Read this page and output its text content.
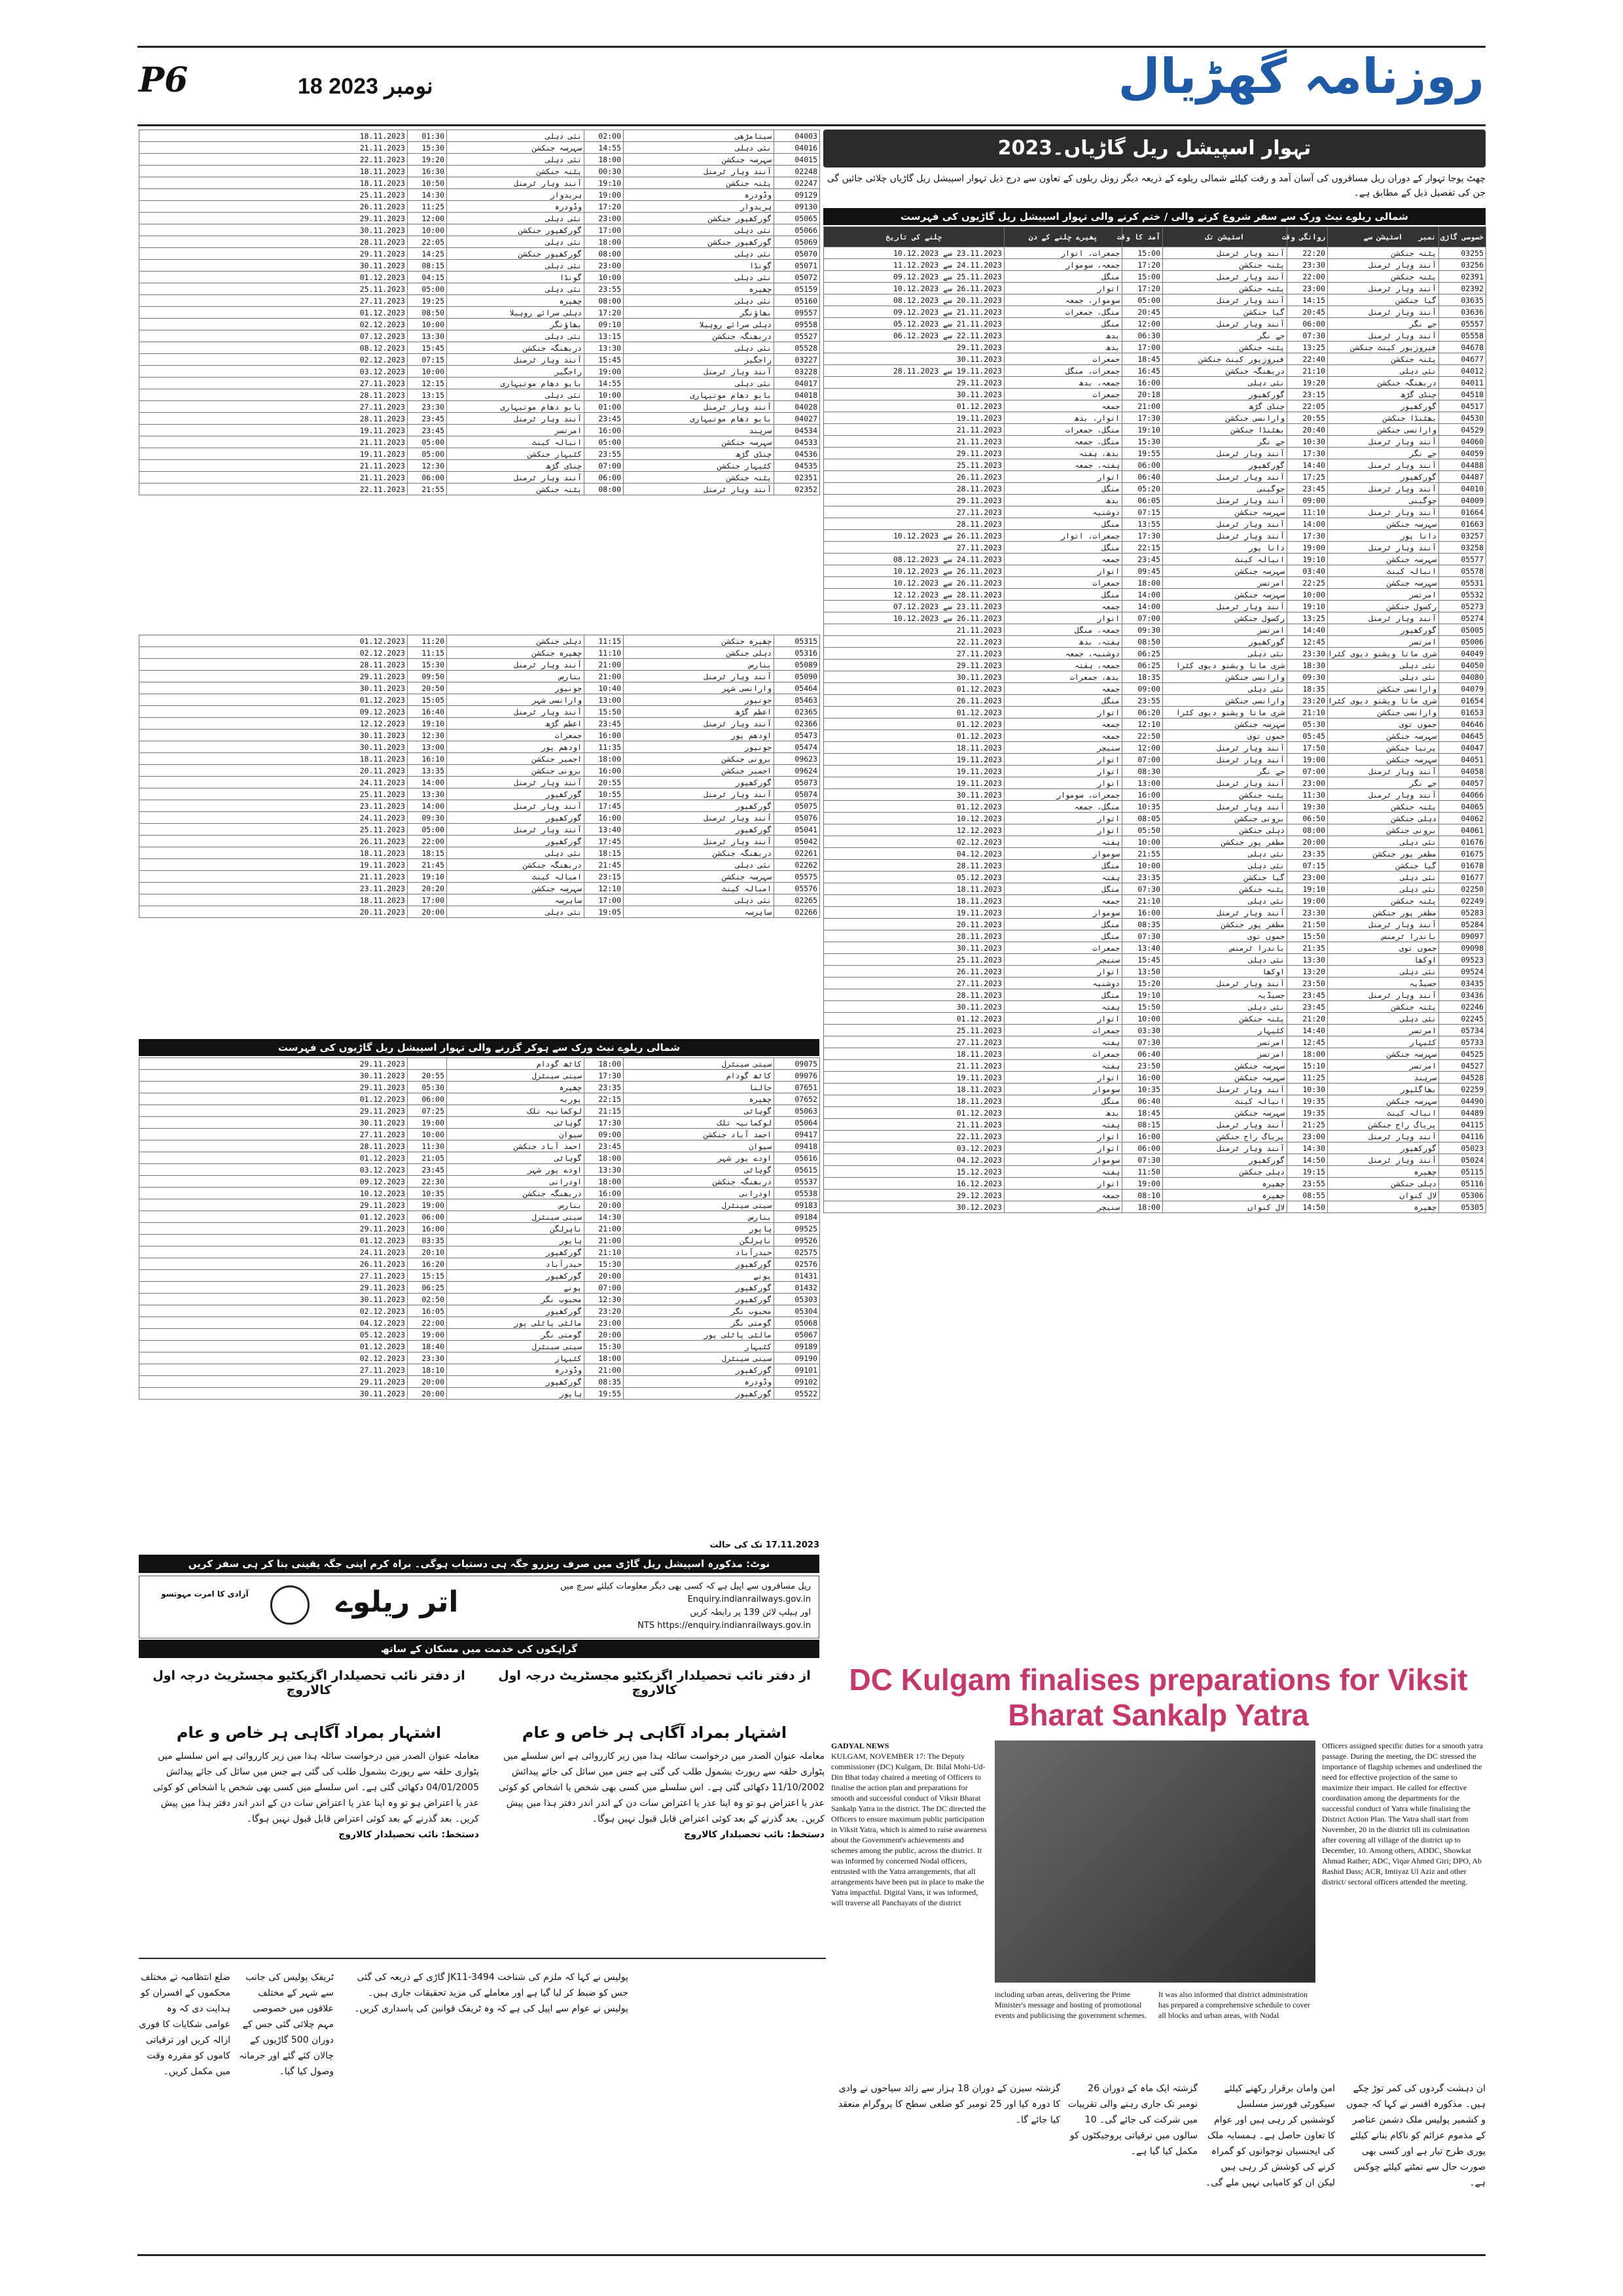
P6	18 نومبر 2023	روزنامہ گھڑیال
تہوار اسپیشل ریل گاڑیاں۔2023
چھٹ پوجا تہوار کے دوران ریل مسافروں کی آسان آمد و رفت کیلئے شمالی ریلوے کے ذریعہ دیگر زونل ریلوں کے تعاون سے درج ذیل تہوار اسپیشل ریل گاڑیاں چلائی جائیں گی جن کی تفصیل ذیل کے مطابق ہے۔
شمالی ریلوے نیٹ ورک سے سفر شروع کرنے والی / ختم کرنے والی تہوار اسپیشل ریل گاڑیوں کی فہرست
خصوصی گاڑی نمبر	اسٹیشن سے	روانگی وقت	اسٹیشن تک	آمد کا وقت	پھیرے چلنے کے دن	چلنے کی تاریخ
03255	پٹنہ جنکشن	22:20	آنند وہار ٹرمنل	15:00	جمعرات، اتوار	23.11.2023 سے 10.12.2023
03256	آنند وہار ٹرمنل	23:30	پٹنہ جنکشن	17:20	جمعہ، سوموار	24.11.2023 سے 11.12.2023
02391	پٹنہ جنکشن	22:00	آنند وہار ٹرمنل	15:00	منگل	25.11.2023 سے 09.12.2023
02392	آنند وہار ٹرمنل	23:00	پٹنہ جنکشن	17:20	اتوار	26.11.2023 سے 10.12.2023
03635	گیا جنکشن	14:15	آنند وہار ٹرمنل	05:00	سوموار، جمعہ	20.11.2023 سے 08.12.2023
03636	آنند وہار ٹرمنل	20:45	گیا جنکشن	20:45	منگل، جمعرات	21.11.2023 سے 09.12.2023
05557	جے نگر	06:00	آنند وہار ٹرمنل	12:00	منگل	21.11.2023 سے 05.12.2023
05558	آنند وہار ٹرمنل	07:30	جے نگر	06:30	بدھ	22.11.2023 سے 06.12.2023
04678	فیروزپور کینٹ جنکشن	13:25	پٹنہ جنکشن	17:00	بدھ	29.11.2023
04677	پٹنہ جنکشن	22:40	فیروزپور کینٹ جنکشن	18:45	جمعرات	30.11.2023
04012	نئی دہلی	21:10	دربھنگہ جنکشن	16:45	جمعرات، منگل	19.11.2023 سے 28.11.2023
04011	دربھنگہ جنکشن	19:20	نئی دہلی	16:00	جمعہ، بدھ	29.11.2023
04518	چنڈی گڑھ	23:15	گورکھپور	20:18	جمعرات	30.11.2023
04517	گورکھپور	22:05	چنڈی گڑھ	21:00	جمعہ	01.12.2023
04530	بھٹنڈا جنکشن	20:55	وارانسی جنکشن	17:30	اتوار، بدھ	19.11.2023
04529	وارانسی جنکشن	20:40	بھٹنڈا جنکشن	19:10	منگل، جمعرات	21.11.2023
04060	آنند وہار ٹرمنل	10:30	جے نگر	15:30	منگل، جمعہ	21.11.2023
04059	جے نگر	17:30	آنند وہار ٹرمنل	19:55	بدھ، ہفتہ	29.11.2023
04488	آنند وہار ٹرمنل	14:40	گورکھپور	06:00	ہفتہ، جمعہ	25.11.2023
04487	گورکھپور	17:25	آنند وہار ٹرمنل	06:40	اتوار	26.11.2023
04010	آنند وہار ٹرمنل	23:45	جوگبنی	05:20	منگل	28.11.2023
04009	جوگبنی	09:00	آنند وہار ٹرمنل	06:05	بدھ	29.11.2023
01664	آنند وہار ٹرمنل	11:10	سہرسہ جنکشن	07:15	دوشنبہ	27.11.2023
01663	سہرسہ جنکشن	14:00	آنند وہار ٹرمنل	13:55	منگل	28.11.2023
03257	دانا پور	17:30	آنند وہار ٹرمنل	17:30	جمعرات، اتوار	26.11.2023 سے 10.12.2023
03258	آنند وہار ٹرمنل	19:00	دانا پور	22:15	منگل	27.11.2023
05577	سہرسہ جنکشن	19:10	انبالہ کینٹ	23:45	جمعہ	24.11.2023 سے 08.12.2023
05578	انبالہ کینٹ	03:40	سہرسہ جنکشن	09:45	اتوار	26.11.2023 سے 10.12.2023
05531	سہرسہ جنکشن	22:25	امرتسر	18:00	جمعرات	26.11.2023 سے 10.12.2023
05532	امرتسر	10:00	سہرسہ جنکشن	14:00	منگل	28.11.2023 سے 12.12.2023
05273	رکسول جنکشن	19:10	آنند وہار ٹرمنل	14:00	جمعہ	23.11.2023 سے 07.12.2023
05274	آنند وہار ٹرمنل	13:25	رکسول جنکشن	07:00	اتوار	26.11.2023 سے 10.12.2023
05005	گورکھپور	14:40	امرتسر	09:30	جمعہ، منگل	21.11.2023
05006	امرتسر	12:45	گورکھپور	08:50	ہفتہ، بدھ	22.11.2023
04049	شری ماتا ویشنو دیوی کٹرا	23:30	نئی دہلی	06:25	دوشنبہ، جمعہ	27.11.2023
04050	نئی دہلی	18:30	شری ماتا ویشنو دیوی کٹرا	06:25	جمعہ، ہفتہ	29.11.2023
04080	نئی دہلی	09:30	وارانسی جنکشن	18:35	بدھ، جمعرات	30.11.2023
04079	وارانسی جنکشن	18:35	نئی دہلی	09:00	جمعہ	01.12.2023
01654	شری ماتا ویشنو دیوی کٹرا	23:20	وارانسی جنکشن	23:55	منگل	26.11.2023
01653	وارانسی جنکشن	21:10	شری ماتا ویشنو دیوی کٹرا	06:20	اتوار	01.12.2023
04646	جموں توی	05:30	سہرسہ جنکشن	12:10	جمعہ	01.12.2023
04645	سہرسہ جنکشن	05:45	جموں توی	22:50	جمعہ	01.12.2023
04047	پرنیا جنکشن	17:50	آنند وہار ٹرمنل	12:00	سنیچر	18.11.2023
04051	سہرسہ جنکشن	19:00	آنند وہار ٹرمنل	07:00	اتوار	19.11.2023
04058	آنند وہار ٹرمنل	07:00	جے نگر	08:30	اتوار	19.11.2023
04057	جے نگر	23:00	آنند وہار ٹرمنل	13:00	اتوار	19.11.2023
04066	آنند وہار ٹرمنل	11:30	پٹنہ جنکشن	16:00	جمعرات، سوموار	30.11.2023
04065	پٹنہ جنکشن	19:30	آنند وہار ٹرمنل	10:35	منگل، جمعہ	01.12.2023
04062	دہلی جنکشن	06:50	برونی جنکشن	08:05	اتوار	10.12.2023
04061	برونی جنکشن	08:00	دہلی جنکشن	05:50	اتوار	12.12.2023
01676	نئی دہلی	20:00	مظفر پور جنکشن	10:00	ہفتہ	02.12.2023
01675	مظفر پور جنکشن	23:35	نئی دہلی	21:55	سوموار	04.12.2023
01678	گیا جنکشن	07:15	نئی دہلی	10:00	منگل	28.11.2023
01677	نئی دہلی	23:00	گیا جنکشن	23:35	ہفتہ	05.12.2023
02250	نئی دہلی	19:10	پٹنہ جنکشن	07:30	منگل	18.11.2023
02249	پٹنہ جنکشن	19:00	نئی دہلی	21:10	جمعہ	18.11.2023
05283	مظفر پور جنکشن	23:30	آنند وہار ٹرمنل	16:00	سوموار	19.11.2023
05284	آنند وہار ٹرمنل	21:50	مظفر پور جنکشن	08:35	منگل	20.11.2023
09097	باندرا ٹرمنس	15:50	جموں توی	07:30	منگل	28.11.2023
09098	جموں توی	21:35	باندرا ٹرمنس	13:40	جمعرات	30.11.2023
09523	اوکھا	13:30	نئی دہلی	15:45	سنیچر	25.11.2023
09524	نئی دہلی	13:20	اوکھا	13:50	اتوار	26.11.2023
03435	جسیڈیہ	23:50	آنند وہار ٹرمنل	15:20	دوشنبہ	27.11.2023
03436	آنند وہار ٹرمنل	23:45	جسیڈیہ	19:10	منگل	28.11.2023
02246	پٹنہ جنکشن	23:45	نئی دہلی	15:50	ہفتہ	30.11.2023
02245	نئی دہلی	21:20	پٹنہ جنکشن	10:00	اتوار	01.12.2023
05734	امرتسر	14:40	کٹیہار	03:30	جمعرات	25.11.2023
05733	کٹیہار	12:45	امرتسر	07:30	ہفتہ	27.11.2023
04525	سہرسہ جنکشن	18:00	امرتسر	06:40	جمعرات	18.11.2023
04527	امرتسر	15:10	سہرسہ جنکشن	23:50	ہفتہ	21.11.2023
04528	سرہند	11:25	سہرسہ جنکشن	16:00	اتوار	19.11.2023
02259	بھاگلپور	10:30	آنند وہار ٹرمنل	10:35	سوموار	18.11.2023
04490	سہرسہ جنکشن	19:35	انبالہ کینٹ	06:40	منگل	18.11.2023
04489	انبالہ کینٹ	19:35	سہرسہ جنکشن	18:45	بدھ	01.12.2023
04115	پریاگ راج جنکشن	21:25	آنند وہار ٹرمنل	08:15	ہفتہ	21.11.2023
04116	آنند وہار ٹرمنل	23:00	پریاگ راج جنکشن	16:00	اتوار	22.11.2023
05023	گورکھپور	14:30	آنند وہار ٹرمنل	06:00	اتوار	03.12.2023
05024	آنند وہار ٹرمنل	14:50	گورکھپور	07:30	سوموار	04.12.2023
05115	چھپرہ	19:15	دہلی جنکشن	11:50	ہفتہ	15.12.2023
05116	دہلی جنکشن	23:55	چھپرہ	19:00	اتوار	16.12.2023
05306	لال کنواں	08:55	چھپرہ	08:10	جمعہ	29.12.2023
05305	چھپرہ	14:50	لال کنواں	18:00	سنیچر	30.12.2023
04003	سیتامڑھی	02:00	نئی دہلی	01:30	18.11.2023
04016	نئی دہلی	14:55	سہرسہ جنکشن	15:30	21.11.2023
04015	سہرسہ جنکشن	18:00	نئی دہلی	19:20	22.11.2023
02248	آنند وہار ٹرمنل	00:30	پٹنہ جنکشن	16:30	18.11.2023
02247	پٹنہ جنکشن	19:10	آنند وہار ٹرمنل	10:50	18.11.2023
09129	وڈودرہ	19:00	ہریدوار	14:30	25.11.2023
09130	ہریدوار	17:20	وڈودرہ	11:25	26.11.2023
05065	گورکھپور جنکشن	23:00	نئی دہلی	12:00	29.11.2023
05066	نئی دہلی	17:00	گورکھپور جنکشن	10:00	30.11.2023
05069	گورکھپور جنکشن	18:00	نئی دہلی	22:05	28.11.2023
05070	نئی دہلی	08:00	گورکھپور جنکشن	14:25	29.11.2023
05071	گونڈا	23:00	نئی دہلی	08:15	30.11.2023
05072	نئی دہلی	10:00	گونڈا	04:15	01.12.2023
05159	چھپرہ	23:55	نئی دہلی	05:00	25.11.2023
05160	نئی دہلی	08:00	چھپرہ	19:25	27.11.2023
09557	بھاؤنگر	17:20	دہلی سرائے روہیلا	08:50	01.12.2023
09558	دہلی سرائے روہیلا	09:10	بھاؤنگر	10:00	02.12.2023
05527	دربھنگہ جنکشن	13:15	نئی دہلی	13:30	07.12.2023
05528	نئی دہلی	13:30	دربھنگہ جنکشن	15:45	08.12.2023
03227	راجگیر	15:45	آنند وہار ٹرمنل	07:15	02.12.2023
03228	آنند وہار ٹرمنل	19:00	راجگیر	10:00	03.12.2023
04017	نئی دہلی	14:55	بابو دھام موتیہاری	12:15	27.11.2023
04018	بابو دھام موتیہاری	10:00	نئی دہلی	13:15	28.11.2023
04028	آنند وہار ٹرمنل	01:00	بابو دھام موتیہاری	23:30	27.11.2023
04027	بابو دھام موتیہاری	23:45	آنند وہار ٹرمنل	23:45	28.11.2023
04534	سرہند	16:00	امرتسر	23:45	19.11.2023
04533	سہرسہ جنکشن	05:00	انبالہ کینٹ	05:00	21.11.2023
04536	چنڈی گڑھ	23:55	کٹیہار جنکشن	05:00	19.11.2023
04535	کٹیہار جنکشن	07:00	چنڈی گڑھ	12:30	21.11.2023
02351	پٹنہ جنکشن	06:00	آنند وہار ٹرمنل	06:00	21.11.2023
02352	آنند وہار ٹرمنل	08:00	پٹنہ جنکشن	21:55	22.11.2023
05315	چھپرہ جنکشن	11:15	دہلی جنکشن	11:20	01.12.2023
05316	دہلی جنکشن	11:10	چھپرہ جنکشن	11:15	02.12.2023
05089	بنارس	21:00	آنند وہار ٹرمنل	15:30	28.11.2023
05090	آنند وہار ٹرمنل	21:00	بنارس	09:50	29.11.2023
05464	وارانسی شہر	10:40	جونپور	20:50	30.11.2023
05463	جونپور	13:00	وارانسی شہر	15:05	01.12.2023
02365	اعظم گڑھ	15:50	آنند وہار ٹرمنل	16:40	09.12.2023
02366	آنند وہار ٹرمنل	23:45	اعظم گڑھ	19:10	12.12.2023
05473	اودھم پور	16:00	جمعرات	12:30	30.11.2023
05474	جونپور	11:35	اودھم پور	13:00	30.11.2023
09623	برونی جنکشن	18:00	اجمیر جنکشن	16:10	18.11.2023
09624	اجمیر جنکشن	16:00	برونی جنکشن	13:35	20.11.2023
05073	گورکھپور	20:55	آنند وہار ٹرمنل	14:00	24.11.2023
05074	آنند وہار ٹرمنل	10:55	گورکھپور	13:30	25.11.2023
05075	گورکھپور	17:45	آنند وہار ٹرمنل	14:00	23.11.2023
05076	آنند وہار ٹرمنل	16:00	گورکھپور	09:30	24.11.2023
05041	گورکھپور	13:40	آنند وہار ٹرمنل	05:00	25.11.2023
05042	آنند وہار ٹرمنل	17:45	گورکھپور	22:00	26.11.2023
02261	دربھنگہ جنکشن	18:15	نئی دہلی	18:15	18.11.2023
02262	نئی دہلی	21:45	دربھنگہ جنکشن	21:45	19.11.2023
05575	سہرسہ جنکشن	23:15	امبالہ کینٹ	19:10	21.11.2023
05576	امبالہ کینٹ	12:10	سہرسہ جنکشن	20:20	23.11.2023
02265	نئی دہلی	17:00	ساہرسہ	17:00	18.11.2023
02266	ساہرسہ	19:05	نئی دہلی	20:00	20.11.2023
شمالی ریلوے نیٹ ورک سے ہوکر گزرنے والی تہوار اسپیشل ریل گاڑیوں کی فہرست
09075	سیتی سینٹرل	18:00	کاٹھ گودام		29.11.2023
09076	کاٹھ گودام	17:30	سیتی سینٹرل	20:55	30.11.2023
07651	جالنا	23:35	چھپرہ	05:30	29.11.2023
07652	چھپرہ	22:15	پوربہ	06:00	01.12.2023
05063	گوہاٹی	21:15	لوکمانیہ تلک	07:25	29.11.2023
05064	لوکمانیہ تلک	17:30	گوہاٹی	19:00	30.11.2023
09417	احمد آباد جنکشن	09:00	سیوان	10:00	27.11.2023
09418	سیوان	23:45	احمد آباد جنکشن	11:30	28.11.2023
05616	اودے پور شہر	18:00	گوہاٹی	21:05	01.12.2023
05615	گوہاٹی	13:30	اودے پور شہر	23:45	03.12.2023
05537	دربھنگہ جنکشن	18:00	اودرانی	22:30	09.12.2023
05538	اودرانی	16:00	دربھنگہ جنکشن	10:35	10.12.2023
09183	سیتی سینٹرل	20:00	بنارس	19:00	29.11.2023
09184	بنارس	14:30	سیتی سینٹرل	06:00	01.12.2023
09525	ہاپور	21:00	ناہرلگن	16:00	29.11.2023
09526	ناہرلگن	21:00	ہاپور	03:35	01.12.2023
02575	حیدرآباد	21:10	گورکھپور	20:10	24.11.2023
02576	گورکھپور	15:30	حیدرآباد	16:20	26.11.2023
01431	پونے	20:00	گورکھپور	15:15	27.11.2023
01432	گورکھپور	07:00	پونے	06:25	29.11.2023
05303	گورکھپور	12:30	محبوب نگر	02:50	30.11.2023
05304	محبوب نگر	23:20	گورکھپور	16:05	02.12.2023
05068	گومتی نگر	23:00	مالٹی پاٹلی پور	22:00	04.12.2023
05067	مالٹی پاٹلی پور	20:00	گومتی نگر	19:00	05.12.2023
09189	کٹیہار	15:30	سیتی سینٹرل	18:40	01.12.2023
09190	سیتی سینٹرل	18:00	کٹیہار	23:30	02.12.2023
09101	گورکھپور	21:00	وڈودرہ	18:10	27.11.2023
09102	وڈودرہ	08:35	گورکھپور	20:00	29.11.2023
05522	گورکھپور	19:55	ہاپور	20:00	30.11.2023
17.11.2023 تک کی حالت
نوٹ: مذکورہ اسپیشل ریل گاڑی میں صرف ریزرو جگہ ہی دستیاب ہوگی۔ براہ کرم اپنی جگہ یقینی بنا کر ہی سفر کریں
ریل مسافروں سے اپیل ہے کہ کسی بھی دیگر معلومات کیلئے سرچ میں Enquiry.indianrailways.gov.in
اور ہیلپ لائن 139 پر رابطہ کریں
NTS https://enquiry.indianrailways.gov.in
اتر ریلوے
آزادی کا امرت مہوتسو
گراہکوں کی خدمت میں مسکان کے ساتھ
DC Kulgam finalises preparations for Viksit Bharat Sankalp Yatra
GADYAL NEWS
KULGAM, NOVEMBER 17: The Deputy commissioner (DC) Kulgam, Dr. Bilal Mohi-Ud-Din Bhat today chaired a meeting of Officers to finalise the action plan and preparations for smooth and successful conduct of Viksit Bharat Sankalp Yatra in the district. The DC directed the Officers to ensure maximum public participation in Viksit Yatra, which is aimed to raise awareness about the Government's achievements and schemes among the public, across the district. It was informed by concerned Nodal officers, entrusted with the Yatra arrangements, that all arrangements have been put in place to make the Yatra impactful. Digital Vans, it was informed, will traverse all Panchayats of the district
including urban areas, delivering the Prime Minister's message and hosting of promotional events and publicising the government schemes.
It was also informed that district administration has prepared a comprehensive schedule to cover all blocks and urban areas, with Nodal
Officers assigned specific duties for a smooth yatra passage. During the meeting, the DC stressed the importance of flagship schemes and underlined the need for effective projection of the same to maximize their impact. He called for effective coordination among the departments for the successful conduct of Yatra while finalising the District Action Plan. The Yatra shall start from November, 20 in the district till its culmination after covering all village of the district up to December, 10. Among others, ADDC, Showkat Ahmad Rather; ADC, Viqar Ahmed Giri; DPO, Ab Rashid Dass; ACR, Imtiyaz Ul Aziz and other district/ sectoral officers attended the meeting.
از دفتر نائب تحصیلدار اگزیکٹیو مجسٹریٹ درجہ اول کالاروچ
اشتہار بمراد آگاہی ہر خاص و عام
معاملہ عنوان الصدر میں درخواست سائلہ ہذا میں زیر کارروائی ہے اس سلسلے میں پٹواری حلقہ سے رپورٹ بشمول طلب کی گئی ہے جس میں سائل کی جائے پیدائش 04/01/2005 دکھائی گئی ہے۔ اس سلسلے میں کسی بھی شخص یا اشخاص کو کوئی عذر یا اعتراض ہو تو وہ اپنا عذر یا اعتراض سات دن کے اندر اندر دفتر ہذا میں پیش کریں۔ بعد گذرنے کے بعد کوئی اعتراض قابل قبول نہیں ہوگا۔
دستخط: نائب تحصیلدار کالاروچ
از دفتر نائب تحصیلدار اگزیکٹیو مجسٹریٹ درجہ اول کالاروچ
اشتہار بمراد آگاہی ہر خاص و عام
معاملہ عنوان الصدر میں درخواست سائلہ ہذا میں زیر کارروائی ہے اس سلسلے میں پٹواری حلقہ سے رپورٹ بشمول طلب کی گئی ہے جس میں سائل کی جائے پیدائش 11/10/2002 دکھائی گئی ہے۔ اس سلسلے میں کسی بھی شخص یا اشخاص کو کوئی عذر یا اعتراض ہو تو وہ اپنا عذر یا اعتراض سات دن کے اندر اندر دفتر ہذا میں پیش کریں۔ بعد گذرنے کے بعد کوئی اعتراض قابل قبول نہیں ہوگا۔
دستخط: نائب تحصیلدار کالاروچ
ضلع انتظامیہ نے مختلف محکموں کے افسران کو ہدایت دی کہ وہ عوامی شکایات کا فوری ازالہ کریں اور ترقیاتی کاموں کو مقررہ وقت میں مکمل کریں۔
ٹریفک پولیس کی جانب سے شہر کے مختلف علاقوں میں خصوصی مہم چلائی گئی جس کے دوران 500 گاڑیوں کے چالان کئے گئے اور جرمانہ وصول کیا گیا۔
پولیس نے کہا کہ ملزم کی شناخت JK11-3494 گاڑی کے ذریعہ کی گئی جس کو ضبط کر لیا گیا ہے اور معاملے کی مزید تحقیقات جاری ہیں۔ پولیس نے عوام سے اپیل کی ہے کہ وہ ٹریفک قوانین کی پاسداری کریں۔
گزشتہ سیزن کے دوران 18 ہزار سے زائد سیاحوں نے وادی کا دورہ کیا اور 25 نومبر کو ضلعی سطح کا پروگرام منعقد کیا جائے گا۔
گزشتہ ایک ماہ کے دوران 26 نومبر تک جاری رہنے والی تقریبات میں شرکت کی جائے گی۔ 10 سالوں میں ترقیاتی پروجیکٹوں کو مکمل کیا گیا ہے۔
امن وامان برقرار رکھنے کیلئے سیکورٹی فورسز مسلسل کوششیں کر رہی ہیں اور عوام کا تعاون حاصل ہے۔ ہمسایہ ملک کی ایجنسیاں نوجوانوں کو گمراہ کرنے کی کوشش کر رہی ہیں لیکن ان کو کامیابی نہیں ملے گی۔
ان دہشت گردوں کی کمر توڑ چکے ہیں۔ مذکورہ افسر نے کہا کہ جموں و کشمیر پولیس ملک دشمن عناصر کے مذموم عزائم کو ناکام بنانے کیلئے پوری طرح تیار ہے اور کسی بھی صورت حال سے نمٹنے کیلئے چوکس ہے۔
